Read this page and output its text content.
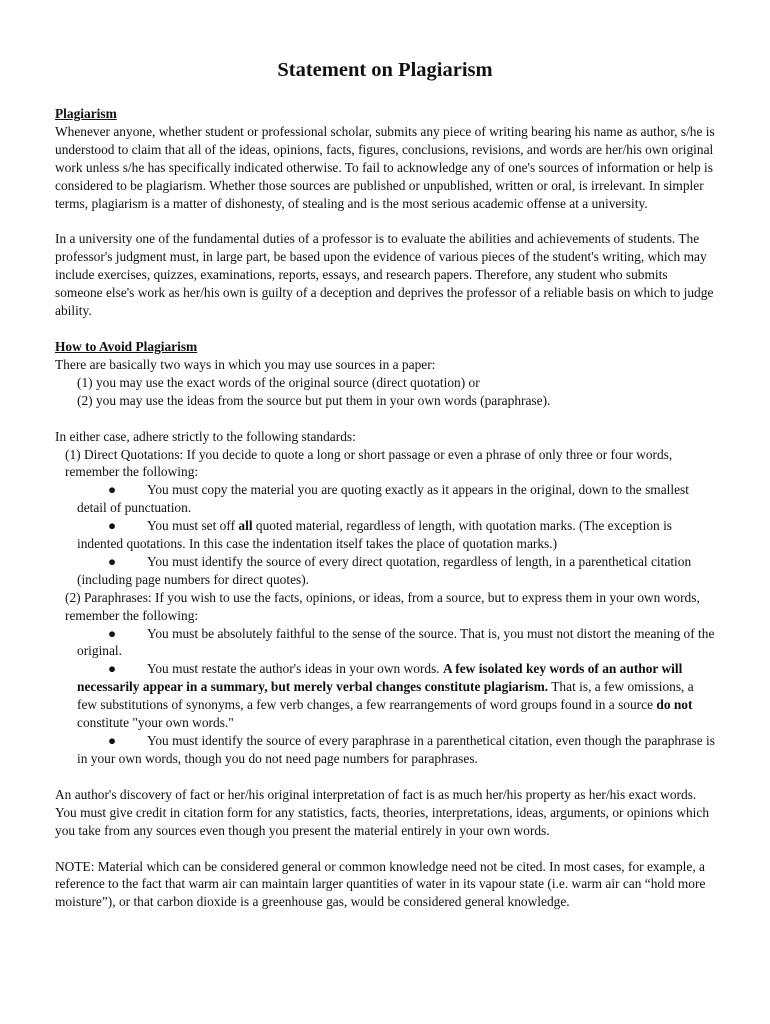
Statement on Plagiarism
Plagiarism

Whenever anyone, whether student or professional scholar, submits any piece of writing bearing his name as author, s/he is understood to claim that all of the ideas, opinions, facts, figures, conclusions, revisions, and words are her/his own original work unless s/he has specifically indicated otherwise. To fail to acknowledge any of one's sources of information or help is considered to be plagiarism. Whether those sources are published or unpublished, written or oral, is irrelevant. In simpler terms, plagiarism is a matter of dishonesty, of stealing and is the most serious academic offense at a university.

In a university one of the fundamental duties of a professor is to evaluate the abilities and achievements of students. The professor's judgment must, in large part, be based upon the evidence of various pieces of the student's writing, which may include exercises, quizzes, examinations, reports, essays, and research papers. Therefore, any student who submits someone else's work as her/his own is guilty of a deception and deprives the professor of a reliable basis on which to judge ability.

How to Avoid Plagiarism

There are basically two ways in which you may use sources in a paper:

(1) you may use the exact words of the original source (direct quotation) or

(2) you may use the ideas from the source but put them in your own words (paraphrase).

In either case, adhere strictly to the following standards:

(1) Direct Quotations: If you decide to quote a long or short passage or even a phrase of only three or four words, remember the following:

● You must copy the material you are quoting exactly as it appears in the original, down to the smallest detail of punctuation.

● You must set off all quoted material, regardless of length, with quotation marks. (The exception is indented quotations. In this case the indentation itself takes the place of quotation marks.)

● You must identify the source of every direct quotation, regardless of length, in a parenthetical citation (including page numbers for direct quotes).

(2) Paraphrases: If you wish to use the facts, opinions, or ideas, from a source, but to express them in your own words, remember the following:

● You must be absolutely faithful to the sense of the source. That is, you must not distort the meaning of the original.

● You must restate the author's ideas in your own words. A few isolated key words of an author will necessarily appear in a summary, but merely verbal changes constitute plagiarism. That is, a few omissions, a few substitutions of synonyms, a few verb changes, a few rearrangements of word groups found in a source do not constitute "your own words."

● You must identify the source of every paraphrase in a parenthetical citation, even though the paraphrase is in your own words, though you do not need page numbers for paraphrases.

An author's discovery of fact or her/his original interpretation of fact is as much her/his property as her/his exact words. You must give credit in citation form for any statistics, facts, theories, interpretations, ideas, arguments, or opinions which you take from any sources even though you present the material entirely in your own words.

NOTE: Material which can be considered general or common knowledge need not be cited. In most cases, for example, a reference to the fact that warm air can maintain larger quantities of water in its vapour state (i.e. warm air can “hold more moisture”), or that carbon dioxide is a greenhouse gas, would be considered general knowledge.
